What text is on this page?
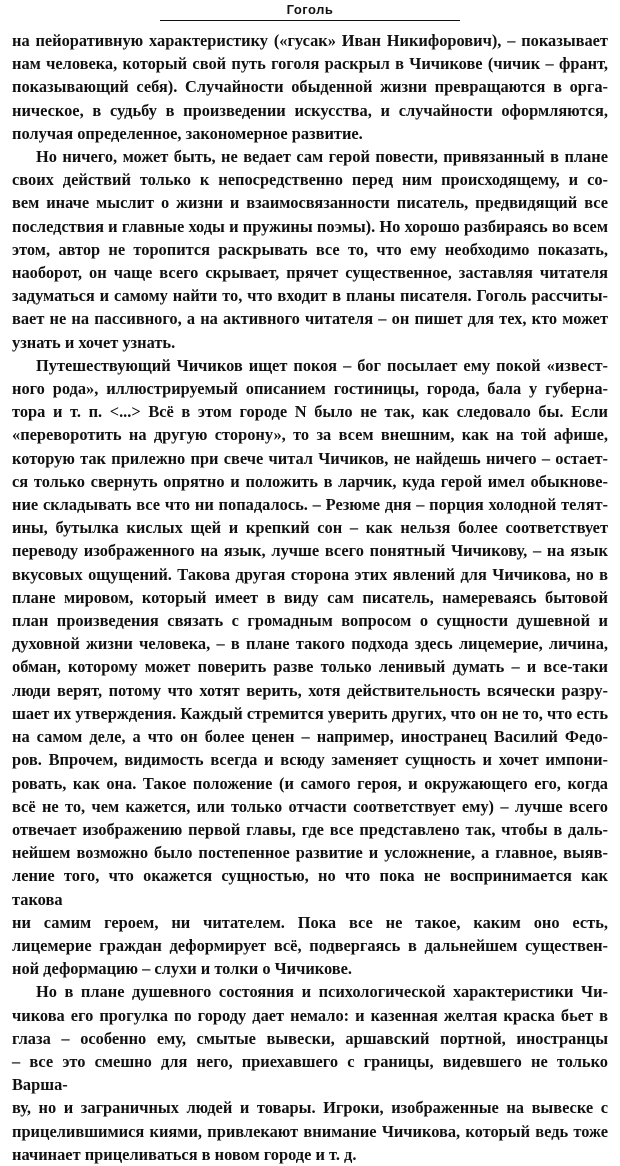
Гоголь

на пейоративную характеристику («гусак» Иван Никифорович), – показывает

нам человека, который свой путь гоголя раскрыл в Чичикове (чичик – франт,

показывающий себя). Случайности обыденной жизни превращаются в орга-

ническое, в судьбу в произведении искусства, и случайности оформляются,

получая определенное, закономерное развитие.

Но ничего, может быть, не ведает сам герой повести, привязанный в плане

своих действий только к непосредственно перед ним происходящему, и со-

вем иначе мыслит о жизни и взаимосвязанности писатель, предвидящий все

последствия и главные ходы и пружины поэмы). Но хорошо разбираясь во всем

этом, автор не торопится раскрывать все то, что ему необходимо показать,

наоборот, он чаще всего скрывает, прячет существенное, заставляя читателя

задуматься и самому найти то, что входит в планы писателя. Гоголь рассчиты-

вает не на пассивного, а на активного читателя – он пишет для тех, кто может

узнать и хочет узнать.

Путешествующий Чичиков ищет покоя – бог посылает ему покой «извест-

ного рода», иллюстрируемый описанием гостиницы, города, бала у губерна-

тора и т. п. <...> Всё в этом городе N было не так, как следовало бы. Если

«переворотить на другую сторону», то за всем внешним, как на той афише,

которую так прилежно при свече читал Чичиков, не найдешь ничего – остает-

ся только свернуть опрятно и положить в ларчик, куда герой имел обыкнове-

ние складывать все что ни попадалось. – Резюме дня – порция холодной телят-

ины, бутылка кислых щей и крепкий сон – как нельзя более соответствует

переводу изображенного на язык, лучше всего понятный Чичикову, – на язык

вкусовых ощущений. Такова другая сторона этих явлений для Чичикова, но в

плане мировом, который имеет в виду сам писатель, намереваясь бытовой

план произведения связать с громадным вопросом о сущности душевной и

духовной жизни человека, – в плане такого подхода здесь лицемерие, личина,

обман, которому может поверить разве только ленивый думать – и все-таки

люди верят, потому что хотят верить, хотя действительность всячески разру-

шает их утверждения. Каждый стремится уверить других, что он не то, что есть

на самом деле, а что он более ценен – например, иностранец Василий Федо-

ров. Впрочем, видимость всегда и всюду заменяет сущность и хочет импони-

ровать, как она. Такое положение (и самого героя, и окружающего его, когда

всё не то, чем кажется, или только отчасти соответствует ему) – лучше всего

отвечает изображению первой главы, где все представлено так, чтобы в даль-

нейшем возможно было постепенное развитие и усложнение, а главное, выяв-

ление того, что окажется сущностью, но что пока не воспринимается как такова

ни самим героем, ни читателем. Пока все не такое, каким оно есть,

лицемерие граждан деформирует всё, подвергаясь в дальнейшем существен-

ной деформацию – слухи и толки о Чичикове.

Но в плане душевного состояния и психологической характеристики Чи-

чикова его прогулка по городу дает немало: и казенная желтая краска бьет в

глаза – особенно ему, смытые вывески, аршавский портной, иностранцы

– все это смешно для него, приехавшего с границы, видевшего не только Варша-

ву, но и заграничных людей и товары. Игроки, изображенные на вывеске с

прицелившимися киями, привлекают внимание Чичикова, который ведь тоже

начинает прицеливаться в новом городе и т. д.
